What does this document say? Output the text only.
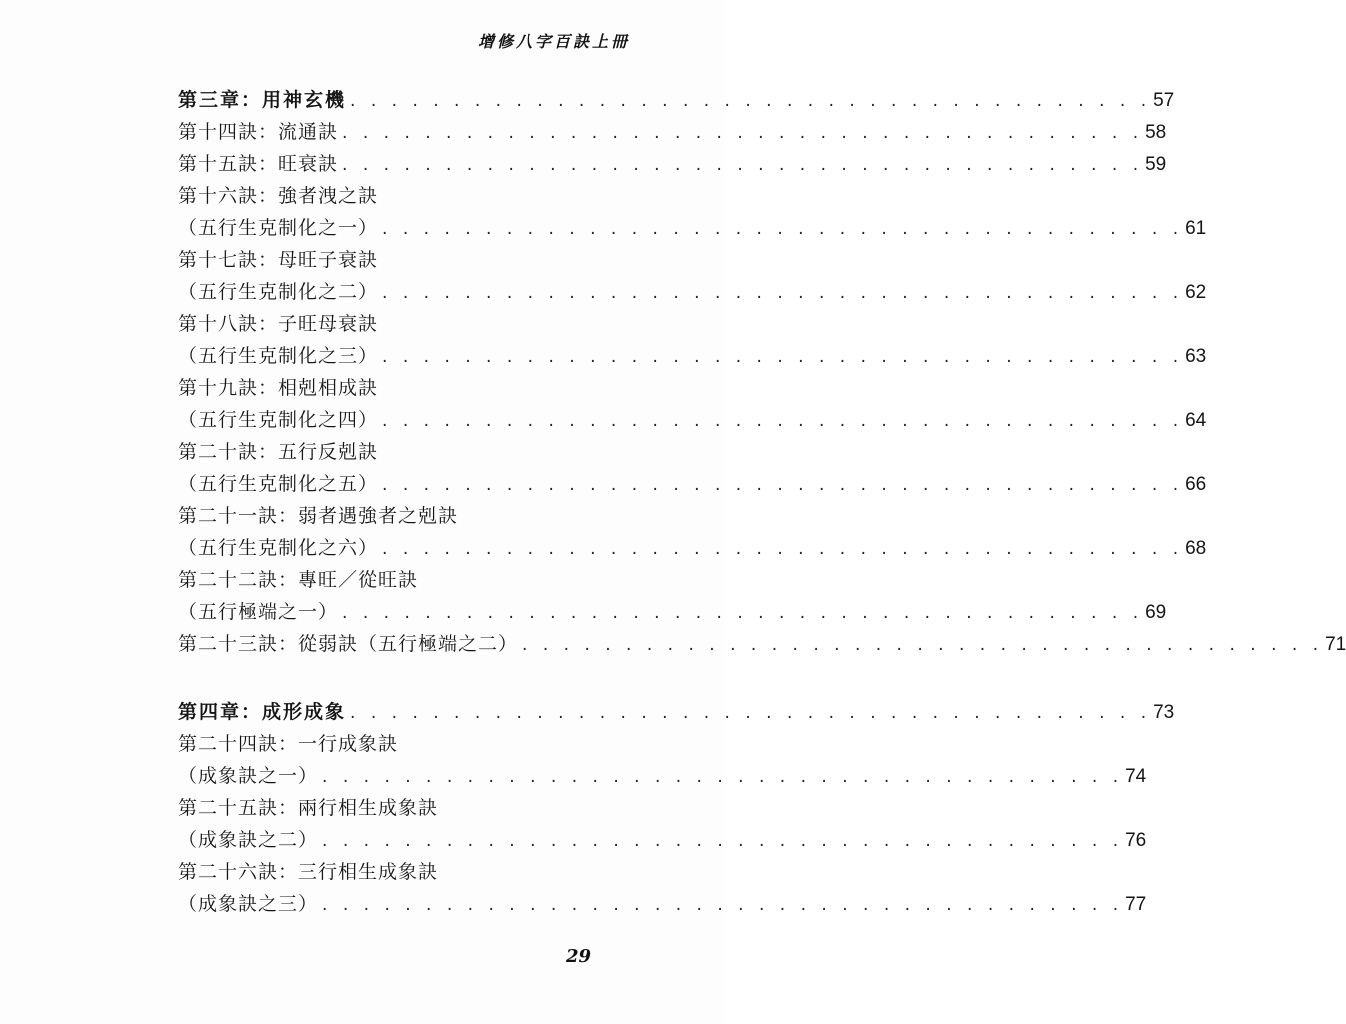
增修八字百訣上冊
第三章：用神玄機 . . . . . . . . . . . . . . . . . . . . . . . . . . . . . . . . . . . . . . . 57
第十四訣：流通訣 . . . . . . . . . . . . . . . . . . . . . . . . . . . . . . . . . . . . . . . 58
第十五訣：旺衰訣 . . . . . . . . . . . . . . . . . . . . . . . . . . . . . . . . . . . . . . . 59
第十六訣：強者洩之訣
（五行生克制化之一） . . . . . . . . . . . . . . . . . . . . . . . . . . . . . . . . . . . . . . . 61
第十七訣：母旺子衰訣
（五行生克制化之二） . . . . . . . . . . . . . . . . . . . . . . . . . . . . . . . . . . . . . . . 62
第十八訣：子旺母衰訣
（五行生克制化之三） . . . . . . . . . . . . . . . . . . . . . . . . . . . . . . . . . . . . . . . 63
第十九訣：相剋相成訣
（五行生克制化之四） . . . . . . . . . . . . . . . . . . . . . . . . . . . . . . . . . . . . . . . 64
第二十訣：五行反剋訣
（五行生克制化之五） . . . . . . . . . . . . . . . . . . . . . . . . . . . . . . . . . . . . . . . 66
第二十一訣：弱者遇強者之剋訣
（五行生克制化之六） . . . . . . . . . . . . . . . . . . . . . . . . . . . . . . . . . . . . . . . 68
第二十二訣：專旺／從旺訣
（五行極端之一） . . . . . . . . . . . . . . . . . . . . . . . . . . . . . . . . . . . . . . . 69
第二十三訣：從弱訣（五行極端之二） . . . . . . . . . . . . . . . . . . . . . . . . . . . . . . . . . . . . . . . 71
第四章：成形成象 . . . . . . . . . . . . . . . . . . . . . . . . . . . . . . . . . . . . . . . 73
第二十四訣：一行成象訣
（成象訣之一） . . . . . . . . . . . . . . . . . . . . . . . . . . . . . . . . . . . . . . . 74
第二十五訣：兩行相生成象訣
（成象訣之二） . . . . . . . . . . . . . . . . . . . . . . . . . . . . . . . . . . . . . . . 76
第二十六訣：三行相生成象訣
（成象訣之三） . . . . . . . . . . . . . . . . . . . . . . . . . . . . . . . . . . . . . . . 77
29
